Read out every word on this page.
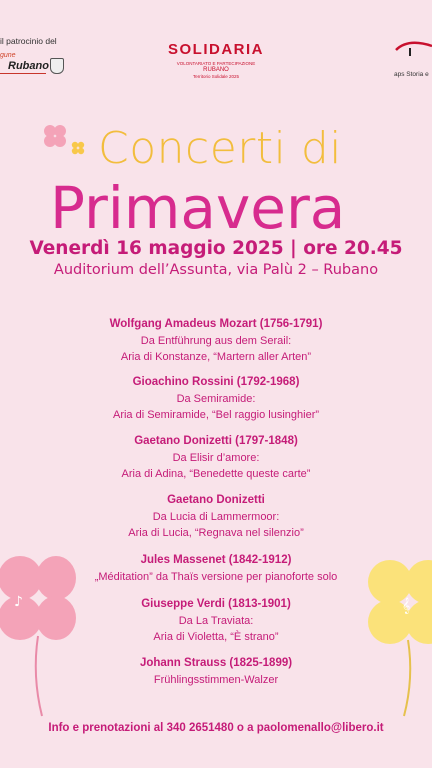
il patrocinio del
gune
Rubano
SOLIDARIA
VOLONTARIATO E PARTECIPAZIONE
RUBANO
Territorio Solidale 2025	aps Storia e
Concerti di
Primavera
Venerdì 16 maggio 2025 | ore 20.45
Auditorium dell’Assunta, via Palù 2 – Rubano
Wolfgang Amadeus Mozart (1756-1791)
Da Entführung aus dem Serail:
Aria di Konstanze, “Martern aller Arten”
Gioachino Rossini (1792-1968)
Da Semiramide:
Aria di Semiramide, “Bel raggio lusinghier”
Gaetano Donizetti (1797-1848)
Da Elisir d’amore:
Aria di Adina, “Benedette queste carte”
Gaetano Donizetti
Da Lucia di Lammermoor:
Aria di Lucia, “Regnava nel silenzio”
Jules Massenet (1842-1912)
„Méditation” da Thaïs versione per pianoforte solo
Giuseppe Verdi (1813-1901)
Da La Traviata:
Aria di Violetta, “È strano”
Johann Strauss (1825-1899)
Frühlingsstimmen-Walzer
♪	𝄞
Info e prenotazioni al 340 2651480 o a paolomenallo@libero.it
